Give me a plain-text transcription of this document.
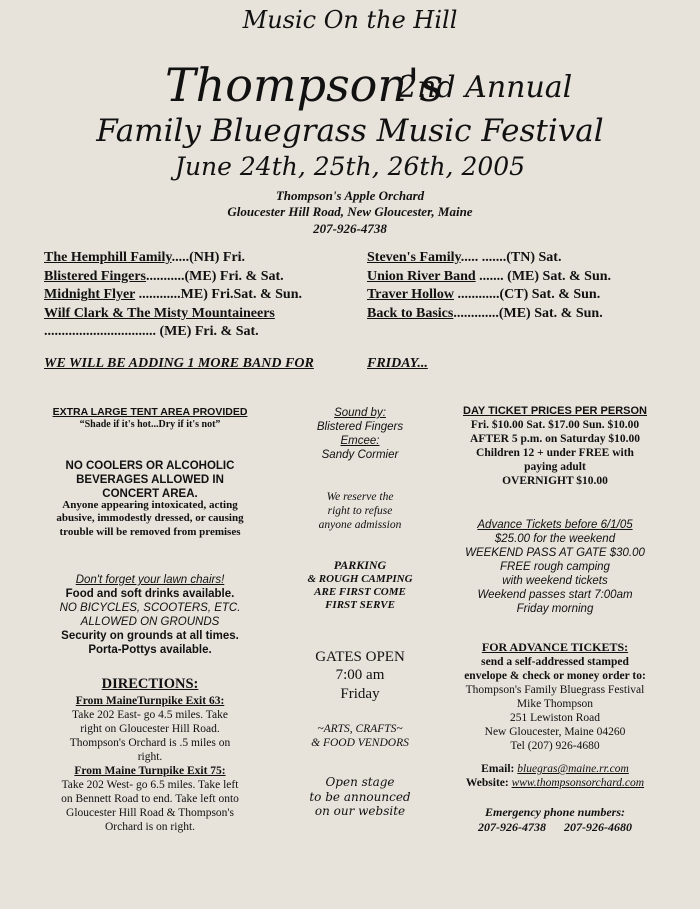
Music On the Hill
Thompson's
2nd Annual
Family Bluegrass Music Festival
June 24th, 25th, 26th, 2005
Thompson's Apple Orchard
Gloucester Hill Road, New Gloucester, Maine
207-926-4738
The Hemphill Family.....(NH) Fri.
Blistered Fingers...........(ME) Fri. & Sat.
Midnight Flyer ............ME) Fri.Sat. & Sun.
Wilf Clark & The Misty Mountaineers
................................ (ME) Fri. & Sat.
Steven's Family..... .......(TN) Sat.
Union River Band ....... (ME) Sat. & Sun.
Traver Hollow ............(CT) Sat. & Sun.
Back to Basics.............(ME) Sat. & Sun.
WE WILL BE ADDING 1 MORE BAND FOR	FRIDAY...
EXTRA LARGE TENT AREA PROVIDED
“Shade if it's hot...Dry if it's not”
NO COOLERS OR ALCOHOLIC
BEVERAGES ALLOWED IN
CONCERT AREA.
Anyone appearing intoxicated, acting
abusive, immodestly dressed, or causing
trouble will be removed from premises
Don't forget your lawn chairs!
Food and soft drinks available.
NO BICYCLES, SCOOTERS, ETC.
ALLOWED ON GROUNDS
Security on grounds at all times.
Porta-Pottys available.
DIRECTIONS:
From MaineTurnpike Exit 63:
Take 202 East- go 4.5 miles. Take
right on Gloucester Hill Road.
Thompson's Orchard is .5 miles on
right.
From Maine Turnpike Exit 75:
Take 202 West- go 6.5 miles. Take left
on Bennett Road to end. Take left onto
Gloucester Hill Road & Thompson's
Orchard is on right.
Sound by:
Blistered Fingers
Emcee:
Sandy Cormier
We reserve the
right to refuse
anyone admission
PARKING
& ROUGH CAMPING
ARE FIRST COME
FIRST SERVE
GATES OPEN
7:00 am
Friday
~ARTS, CRAFTS~
& FOOD VENDORS
Open stage
to be announced
on our website
DAY TICKET PRICES PER PERSON
Fri. $10.00 Sat. $17.00 Sun. $10.00
AFTER 5 p.m. on Saturday $10.00
Children 12 + under FREE with
paying adult
OVERNIGHT $10.00
Advance Tickets before 6/1/05
$25.00 for the weekend
WEEKEND PASS AT GATE $30.00
FREE rough camping
with weekend tickets
Weekend passes start 7:00am
Friday morning
FOR ADVANCE TICKETS:
send a self-addressed stamped
envelope & check or money order to:
Thompson's Family Bluegrass Festival
Mike Thompson
251 Lewiston Road
New Gloucester, Maine 04260
Tel (207) 926-4680
Email: bluegras@maine.rr.com
Website: www.thompsonsorchard.com
Emergency phone numbers:
207-926-4738 207-926-4680
